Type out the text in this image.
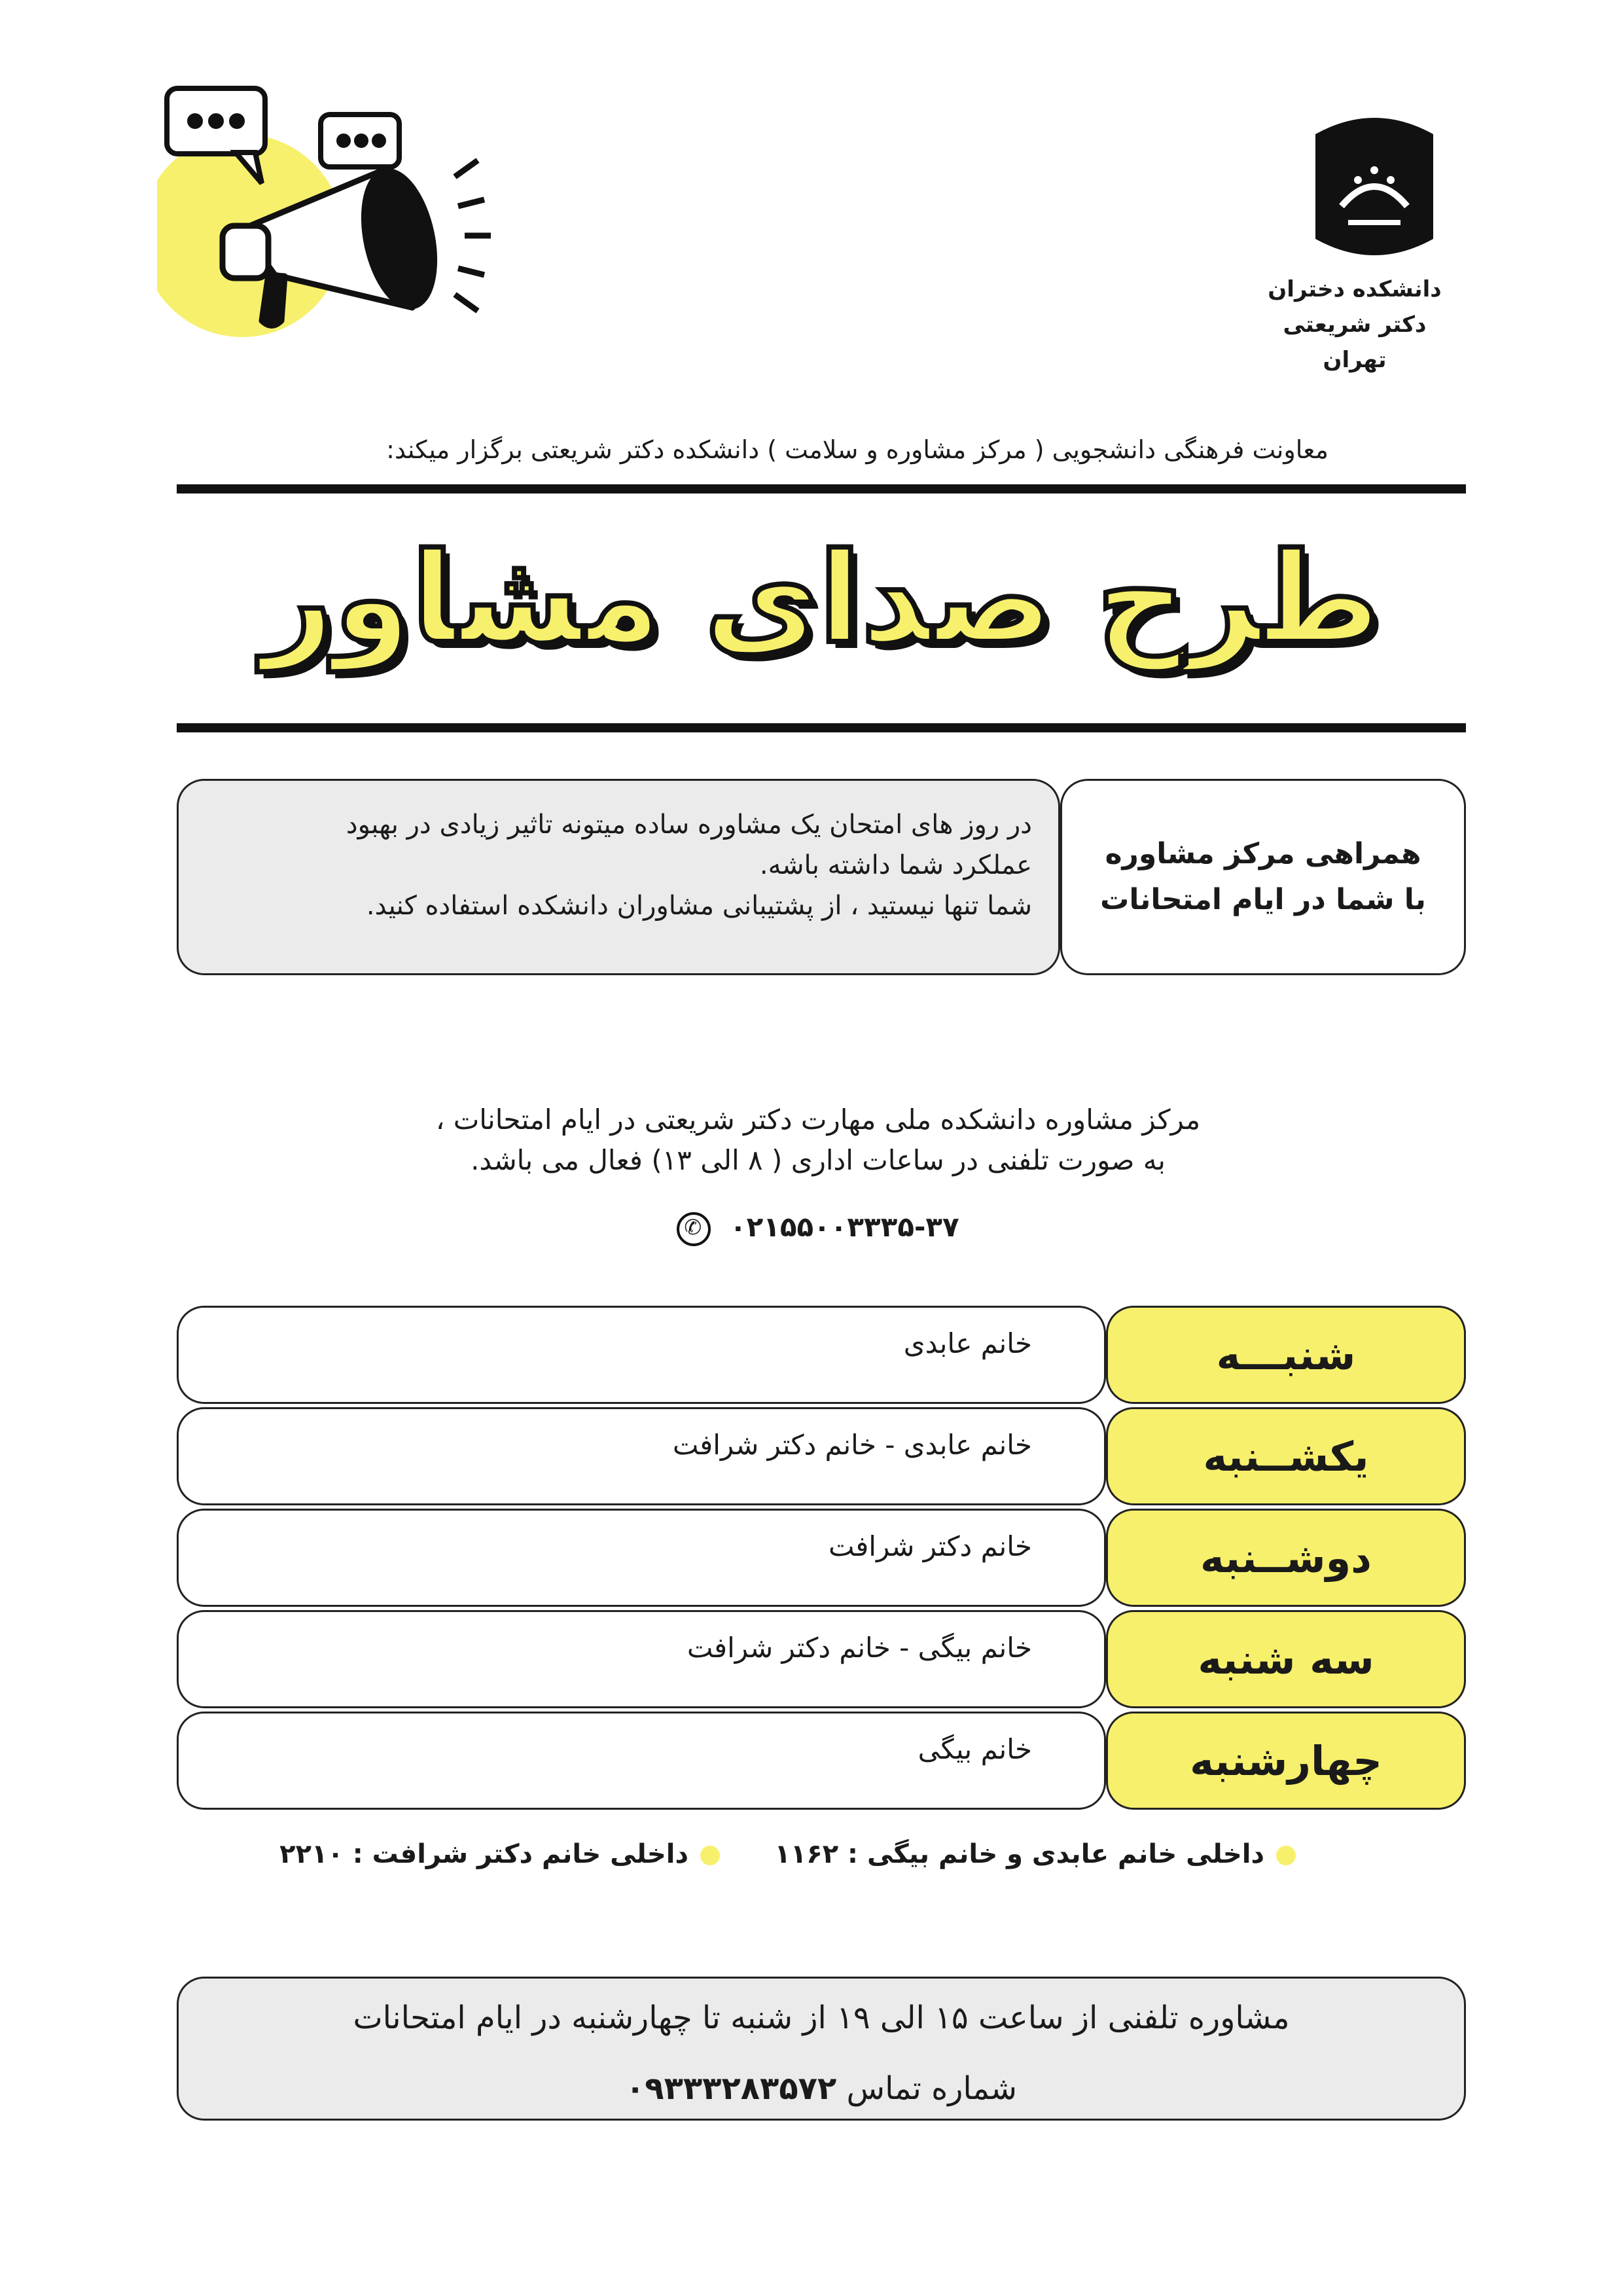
دانشکده دختران
دکتر شریعتی تهران
معاونت فرهنگی دانشجویی ( مرکز مشاوره و سلامت ) دانشکده دکتر شریعتی برگزار میکند:
طرح صدای مشاور
همراهی مرکز مشاوره
با شما در ایام امتحانات
در روز های امتحان یک مشاوره ساده میتونه تاثیر زیادی در بهبود
عملکرد شما داشته باشه.
شما تنها نیستید ، از پشتیبانی مشاوران دانشکده استفاده کنید.
مرکز مشاوره دانشکده ملی مهارت دکتر شریعتی در ایام امتحانات ،
به صورت تلفنی در ساعات اداری ( ۸ الی ۱۳) فعال می باشد.
۰۲۱۵۵۰۰۳۳۳۵-۳۷ ✆
شنبـــه
خانم عابدی
یکشــنبه
خانم عابدی - خانم دکتر شرافت
دوشــنبه
خانم دکتر شرافت
سه شنبه
خانم بیگی - خانم دکتر شرافت
چهارشنبه
خانم بیگی
داخلی خانم عابدی و خانم بیگی : ۱۱۶۲
داخلی خانم دکتر شرافت : ۲۲۱۰
مشاوره تلفنی از ساعت ۱۵ الی ۱۹ از شنبه تا چهارشنبه در ایام امتحانات
شماره تماس ۰۹۳۳۳۲۸۳۵۷۲
